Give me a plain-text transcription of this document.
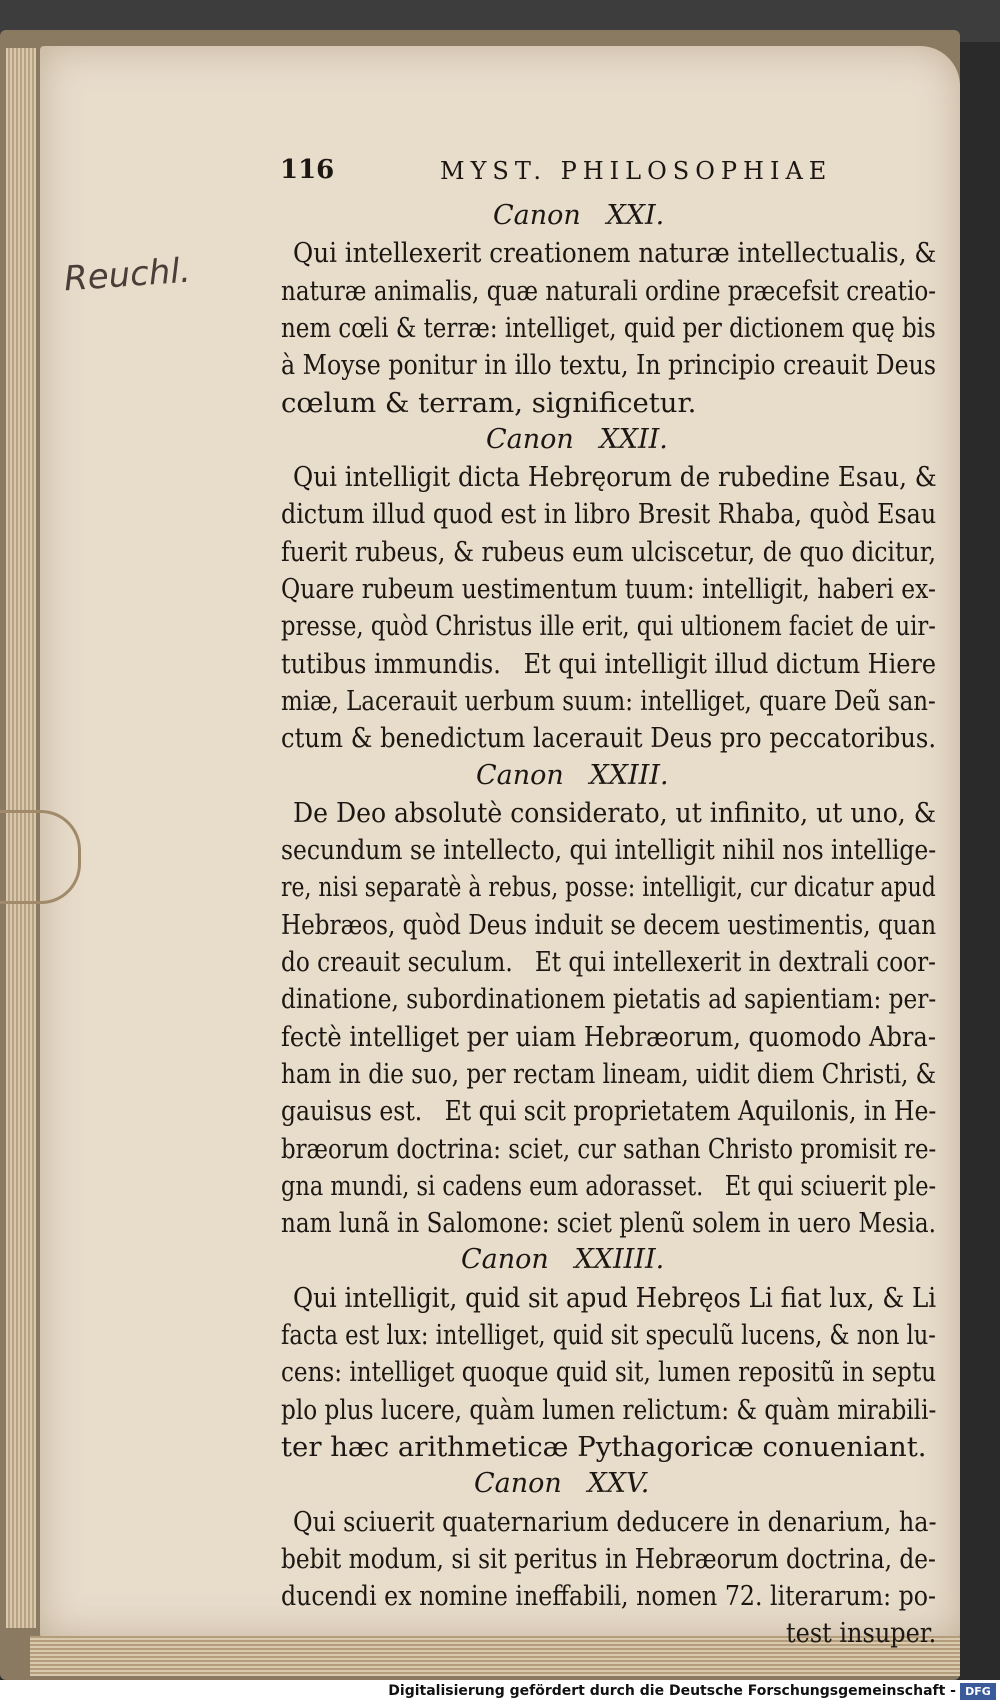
Reuchl.
116	MYST. PHILOSOPHIAE
Canon   XXI.
Qui intellexerit creationem naturæ intellectualis, &
naturæ animalis, quæ naturali ordine præcefsit creatio-
nem cœli & terræ: intelliget, quid per dictionem quę bis
à Moyse ponitur in illo textu, In principio creauit Deus
cœlum & terram, significetur.
Canon   XXII.
Qui intelligit dicta Hebręorum de rubedine Esau, &
dictum illud quod est in libro Bresit Rhaba, quòd Esau
fuerit rubeus, & rubeus eum ulciscetur, de quo dicitur,
Quare rubeum uestimentum tuum: intelligit, haberi ex-
presse, quòd Christus ille erit, qui ultionem faciet de uir-
tutibus immundis.   Et qui intelligit illud dictum Hiere
miæ, Lacerauit uerbum suum: intelliget, quare Deũ san-
ctum & benedictum lacerauit Deus pro peccatoribus.
Canon   XXIII.
De Deo absolutè considerato, ut infinito, ut uno, &
secundum se intellecto, qui intelligit nihil nos intellige-
re, nisi separatè à rebus, posse: intelligit, cur dicatur apud
Hebræos, quòd Deus induit se decem uestimentis, quan
do creauit seculum.   Et qui intellexerit in dextrali coor-
dinatione, subordinationem pietatis ad sapientiam: per-
fectè intelliget per uiam Hebræorum, quomodo Abra-
ham in die suo, per rectam lineam, uidit diem Christi, &
gauisus est.   Et qui scit proprietatem Aquilonis, in He-
bræorum doctrina: sciet, cur sathan Christo promisit re-
gna mundi, si cadens eum adorasset.   Et qui sciuerit ple-
nam lunã in Salomone: sciet plenũ solem in uero Mesia.
Canon   XXIIII.
Qui intelligit, quid sit apud Hebręos Li fiat lux, & Li
facta est lux: intelliget, quid sit speculũ lucens, & non lu-
cens: intelliget quoque quid sit, lumen repositũ in septu
plo plus lucere, quàm lumen relictum: & quàm mirabili-
ter hæc arithmeticæ Pythagoricæ conueniant.
Canon   XXV.
Qui sciuerit quaternarium deducere in denarium, ha-
bebit modum, si sit peritus in Hebræorum doctrina, de-
ducendi ex nomine ineffabili, nomen 72. literarum: po-
test insuper.
Digitalisierung gefördert durch die Deutsche Forschungsgemeinschaft - DFG
